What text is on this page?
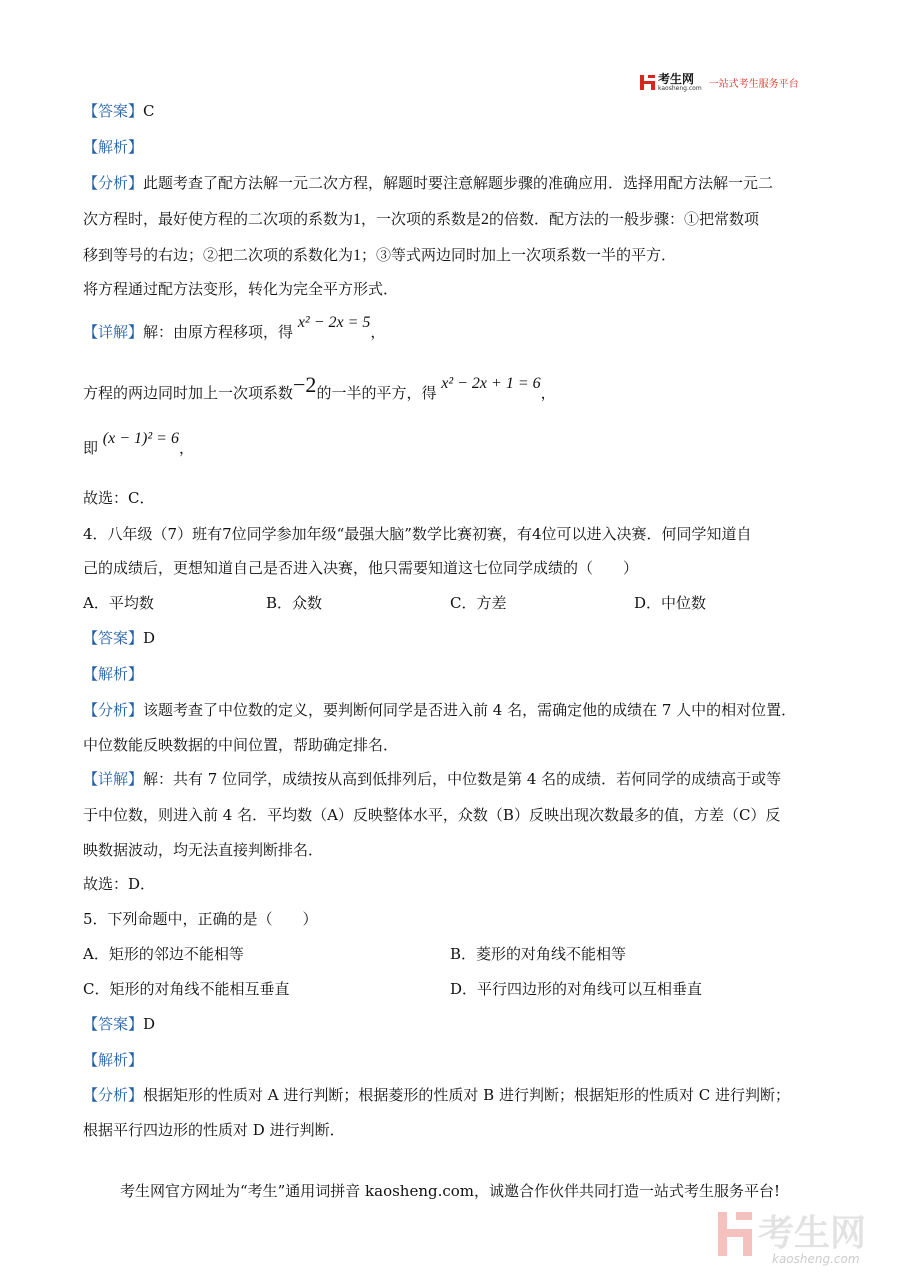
考生网
kaosheng.com 一站式考生服务平台
【答案】C
【解析】
【分析】此题考查了配方法解一元二次方程，解题时要注意解题步骤的准确应用．选择用配方法解一元二
次方程时，最好使方程的二次项的系数为1，一次项的系数是2的倍数．配方法的一般步骤：①把常数项
移到等号的右边；②把二次项的系数化为1；③等式两边同时加上一次项系数一半的平方．
将方程通过配方法变形，转化为完全平方形式．
【详解】解：由原方程移项，得 x² − 2x = 5，
方程的两边同时加上一次项系数−2的一半的平方，得 x² − 2x + 1 = 6，
即 (x − 1)² = 6，
故选：C．
4．八年级（7）班有7位同学参加年级“最强大脑”数学比赛初赛，有4位可以进入决赛．何同学知道自
己的成绩后，更想知道自己是否进入决赛，他只需要知道这七位同学成绩的（　　）
A．平均数	B．众数	C．方差	D．中位数
【答案】D
【解析】
【分析】该题考查了中位数的定义，要判断何同学是否进入前 4 名，需确定他的成绩在 7 人中的相对位置．
中位数能反映数据的中间位置，帮助确定排名．
【详解】解：共有 7 位同学，成绩按从高到低排列后，中位数是第 4 名的成绩．若何同学的成绩高于或等
于中位数，则进入前 4 名．平均数（A）反映整体水平，众数（B）反映出现次数最多的值，方差（C）反
映数据波动，均无法直接判断排名．
故选：D．
5．下列命题中，正确的是（　　）
A．矩形的邻边不能相等	B．菱形的对角线不能相等
C．矩形的对角线不能相互垂直	D．平行四边形的对角线可以互相垂直
【答案】D
【解析】
【分析】根据矩形的性质对 A 进行判断；根据菱形的性质对 B 进行判断；根据矩形的性质对 C 进行判断；
根据平行四边形的性质对 D 进行判断．
考生网官方网址为“考生”通用词拼音 kaosheng.com，诚邀合作伙伴共同打造一站式考生服务平台!
考生网
kaosheng.com
